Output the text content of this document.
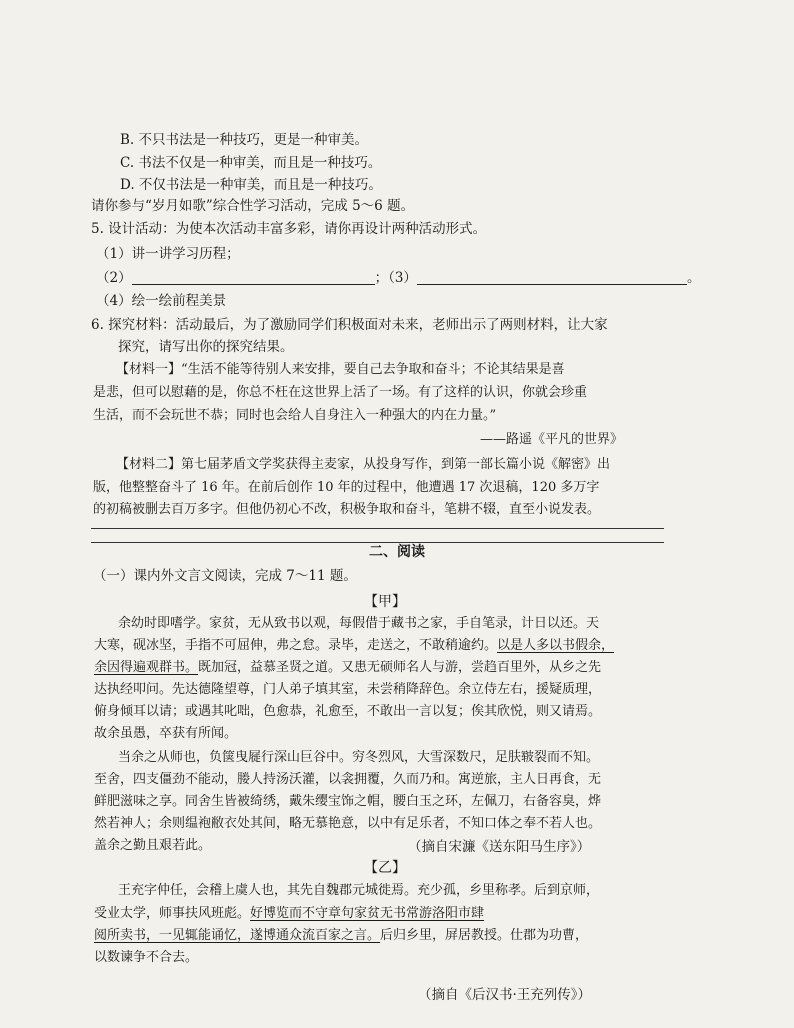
B. 不只书法是一种技巧，更是一种审美。
C. 书法不仅是一种审美，而且是一种技巧。
D. 不仅书法是一种审美，而且是一种技巧。
请你参与“岁月如歌”综合性学习活动，完成 5～6 题。
5. 设计活动：为使本次活动丰富多彩，请你再设计两种活动形式。
（1）讲一讲学习历程；
（2）	；（3）	。
（4）绘一绘前程美景
6. 探究材料：活动最后，为了激励同学们积极面对未来，老师出示了两则材料，让大家
探究，请写出你的探究结果。
【材料一】“生活不能等待别人来安排，要自己去争取和奋斗；不论其结果是喜
是悲，但可以慰藉的是，你总不枉在这世界上活了一场。有了这样的认识，你就会珍重
生活，而不会玩世不恭；同时也会给人自身注入一种强大的内在力量。”
——路遥《平凡的世界》
【材料二】第七届茅盾文学奖获得主麦家，从投身写作，到第一部长篇小说《解密》出
版，他整整奋斗了 16 年。在前后创作 10 年的过程中，他遭遇 17 次退稿，120 多万字
的初稿被删去百万多字。但他仍初心不改，积极争取和奋斗，笔耕不辍，直至小说发表。
二、阅读
（一）课内外文言文阅读，完成 7～11 题。
【甲】
余幼时即嗜学。家贫，无从致书以观，每假借于藏书之家，手自笔录，计日以还。天
大寒，砚冰坚，手指不可屈伸，弗之怠。录毕，走送之，不敢稍逾约。以是人多以书假余，
余因得遍观群书。既加冠，益慕圣贤之道。又患无硕师名人与游，尝趋百里外，从乡之先
达执经叩问。先达德隆望尊，门人弟子填其室，未尝稍降辞色。余立侍左右，援疑质理，
俯身倾耳以请；或遇其叱咄，色愈恭，礼愈至，不敢出一言以复；俟其欣悦，则又请焉。
故余虽愚，卒获有所闻。
当余之从师也，负箧曳屣行深山巨谷中。穷冬烈风，大雪深数尺，足肤皲裂而不知。
至舍，四支僵劲不能动，媵人持汤沃灌，以衾拥覆，久而乃和。寓逆旅，主人日再食，无
鲜肥滋味之享。同舍生皆被绮绣，戴朱缨宝饰之帽，腰白玉之环，左佩刀，右备容臭，烨
然若神人；余则缊袍敝衣处其间，略无慕艳意，以中有足乐者，不知口体之奉不若人也。
盖余之勤且艰若此。	（摘自宋濂《送东阳马生序》）
【乙】
王充字仲任，会稽上虞人也，其先自魏郡元城徙焉。充少孤，乡里称孝。后到京师，
受业太学，师事扶风班彪。好博览而不守章句家贫无书常游洛阳市肆
阅所卖书，一见辄能诵忆，遂博通众流百家之言。后归乡里，屏居教授。仕郡为功曹，
以数谏争不合去。
（摘自《后汉书·王充列传》）
